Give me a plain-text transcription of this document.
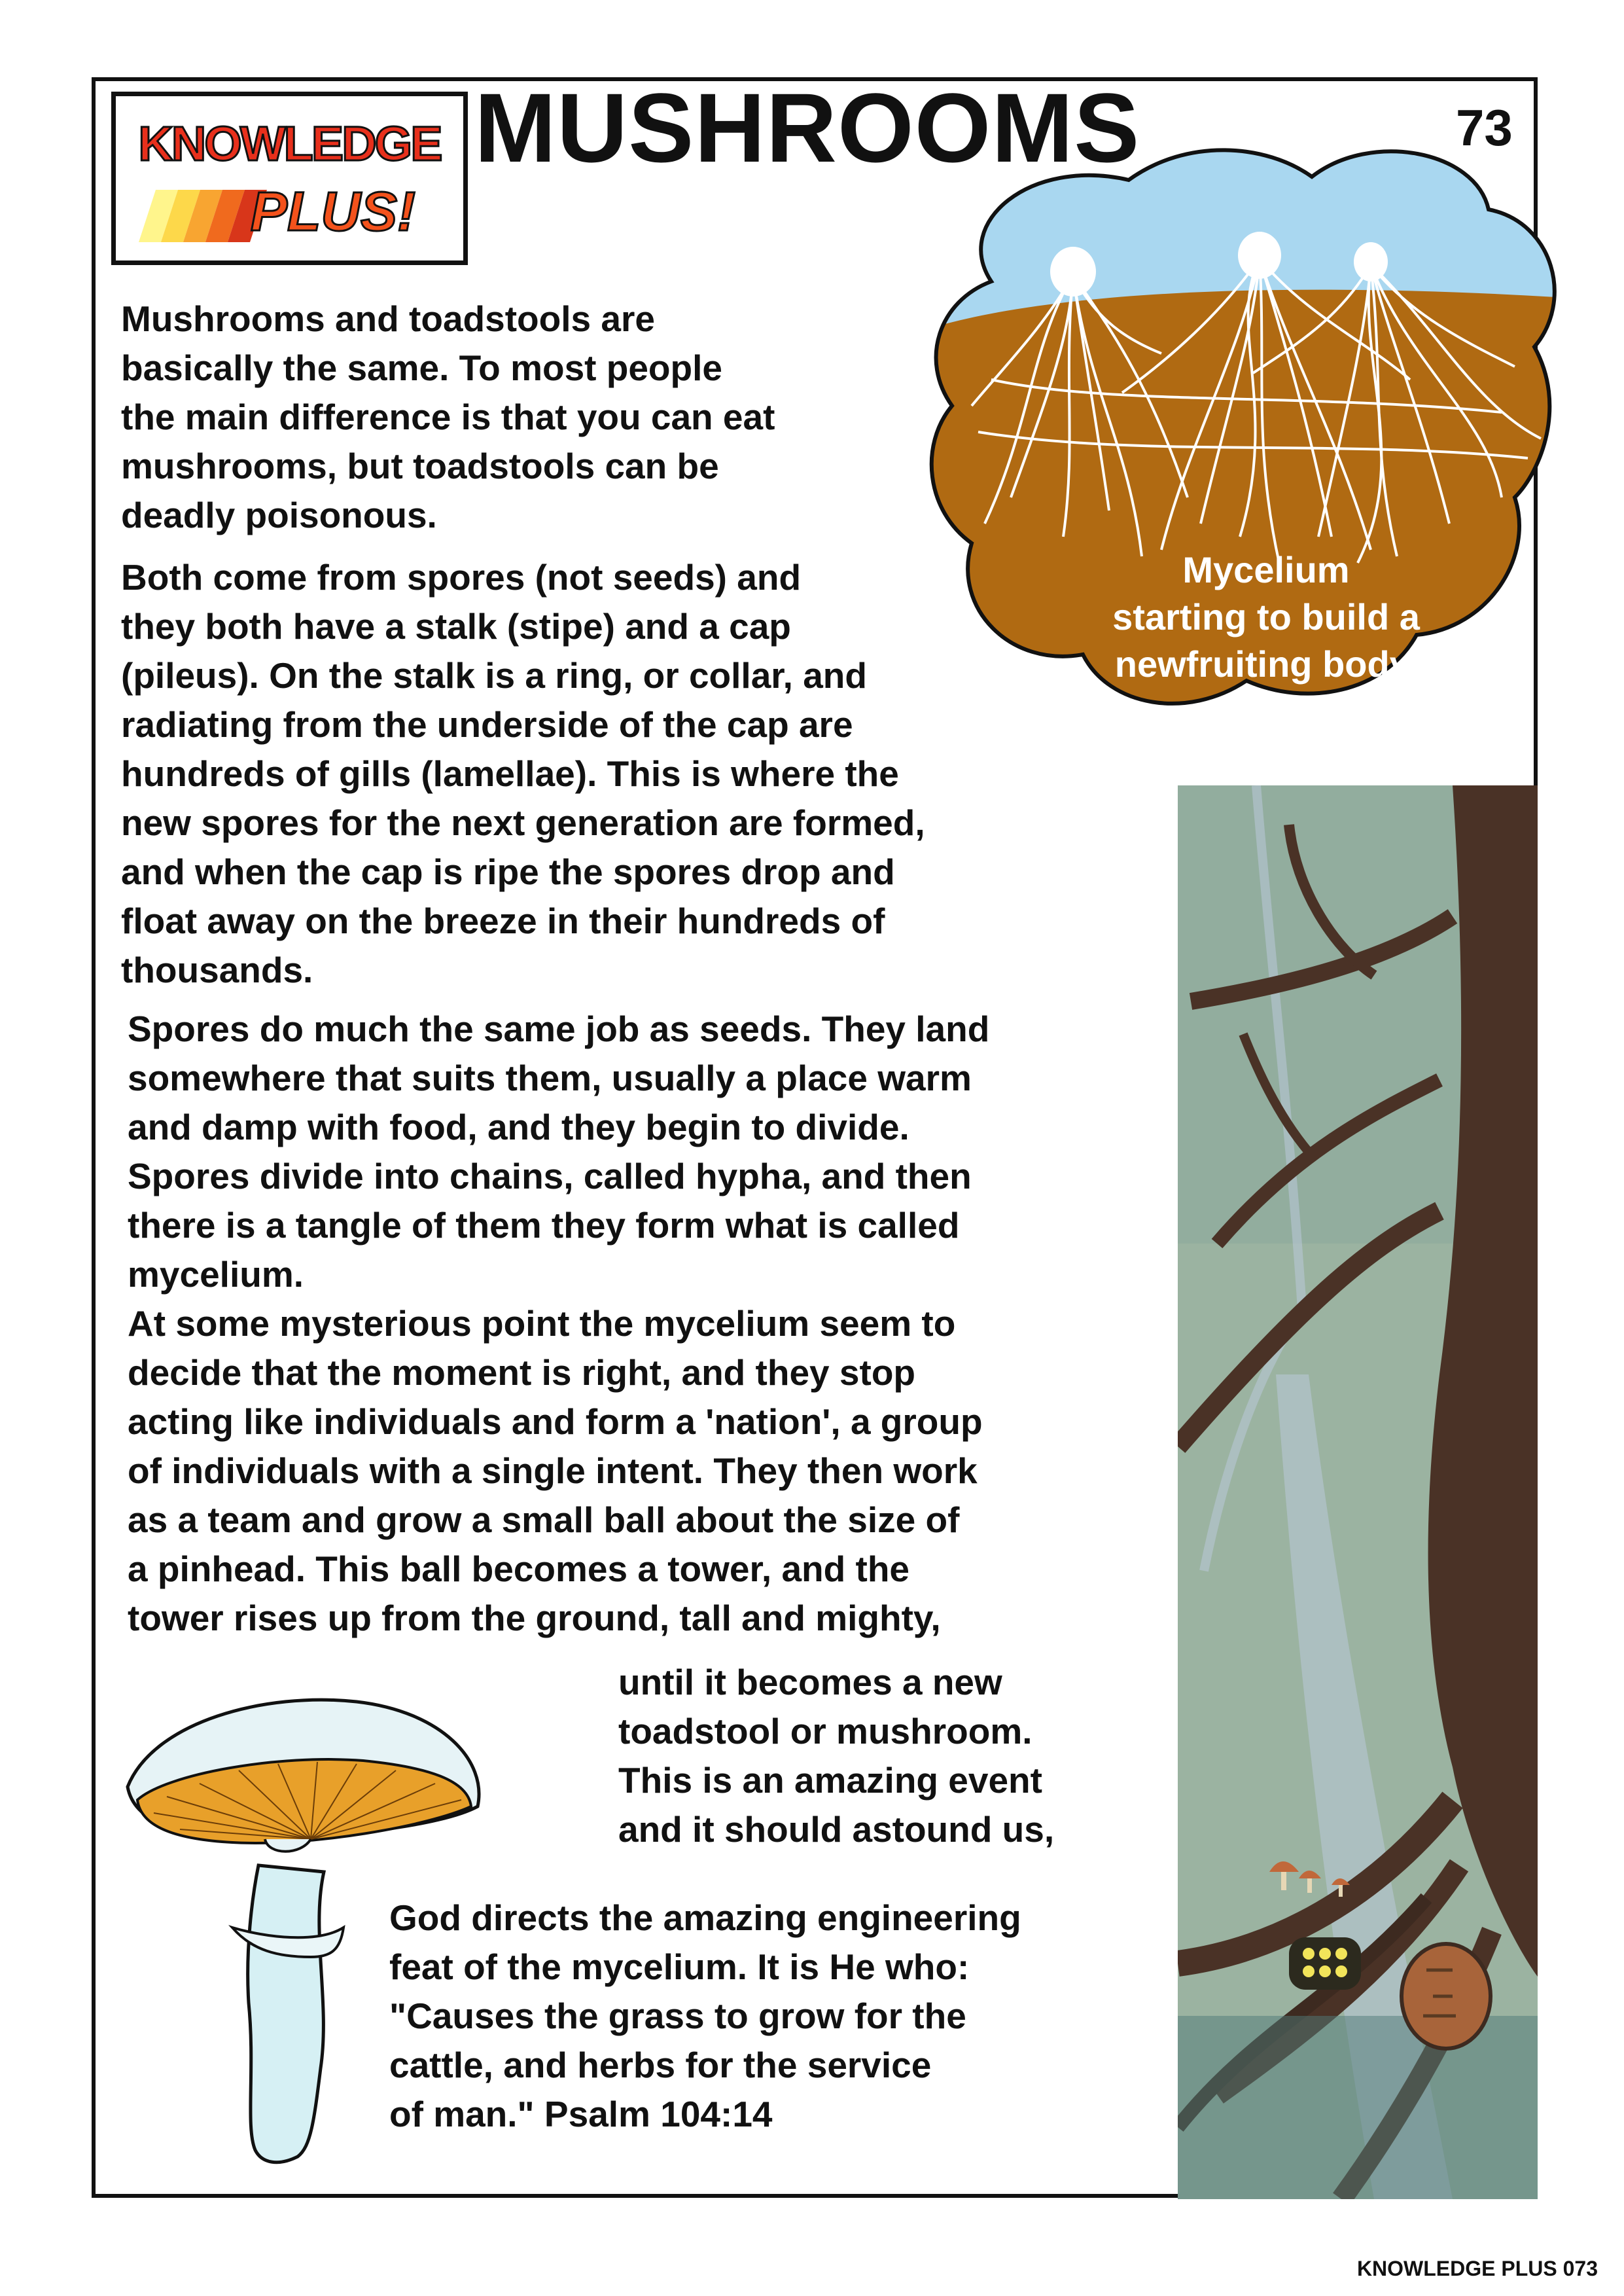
KNOWLEDGE
PLUS!
MUSHROOMS	73
Mycelium
starting to build a
newfruiting body.

Mushrooms and toadstools are
basically the same. To most people
the main difference is that you can eat
mushrooms, but toadstools can be
deadly poisonous.

Both come from spores (not seeds) and
they both have a stalk (stipe) and a cap
(pileus). On the stalk is a ring, or collar, and
radiating from the underside of the cap are
hundreds of gills (lamellae). This is where the
new spores for the next generation are formed,
and when the cap is ripe the spores drop and
float away on the breeze in their hundreds of
thousands.

Spores do much the same job as seeds. They land
somewhere that suits them, usually a place warm
and damp with food, and they begin to divide.
Spores divide into chains, called hypha, and then
there is a tangle of them they form what is called
mycelium.
At some mysterious point the mycelium seem to
decide that the moment is right, and they stop
acting like individuals and form a 'nation', a group
of individuals with a single intent. They then work
as a team and grow a small ball about the size of
a pinhead. This ball becomes a tower, and the
tower rises up from the ground, tall and mighty,

until it becomes a new
toadstool or mushroom.
This is an amazing event
and it should astound us,

God directs the amazing engineering
feat of the mycelium. It is He who:
"Causes the grass to grow for the
cattle, and herbs for the service
of man." Psalm 104:14

KNOWLEDGE PLUS 073
